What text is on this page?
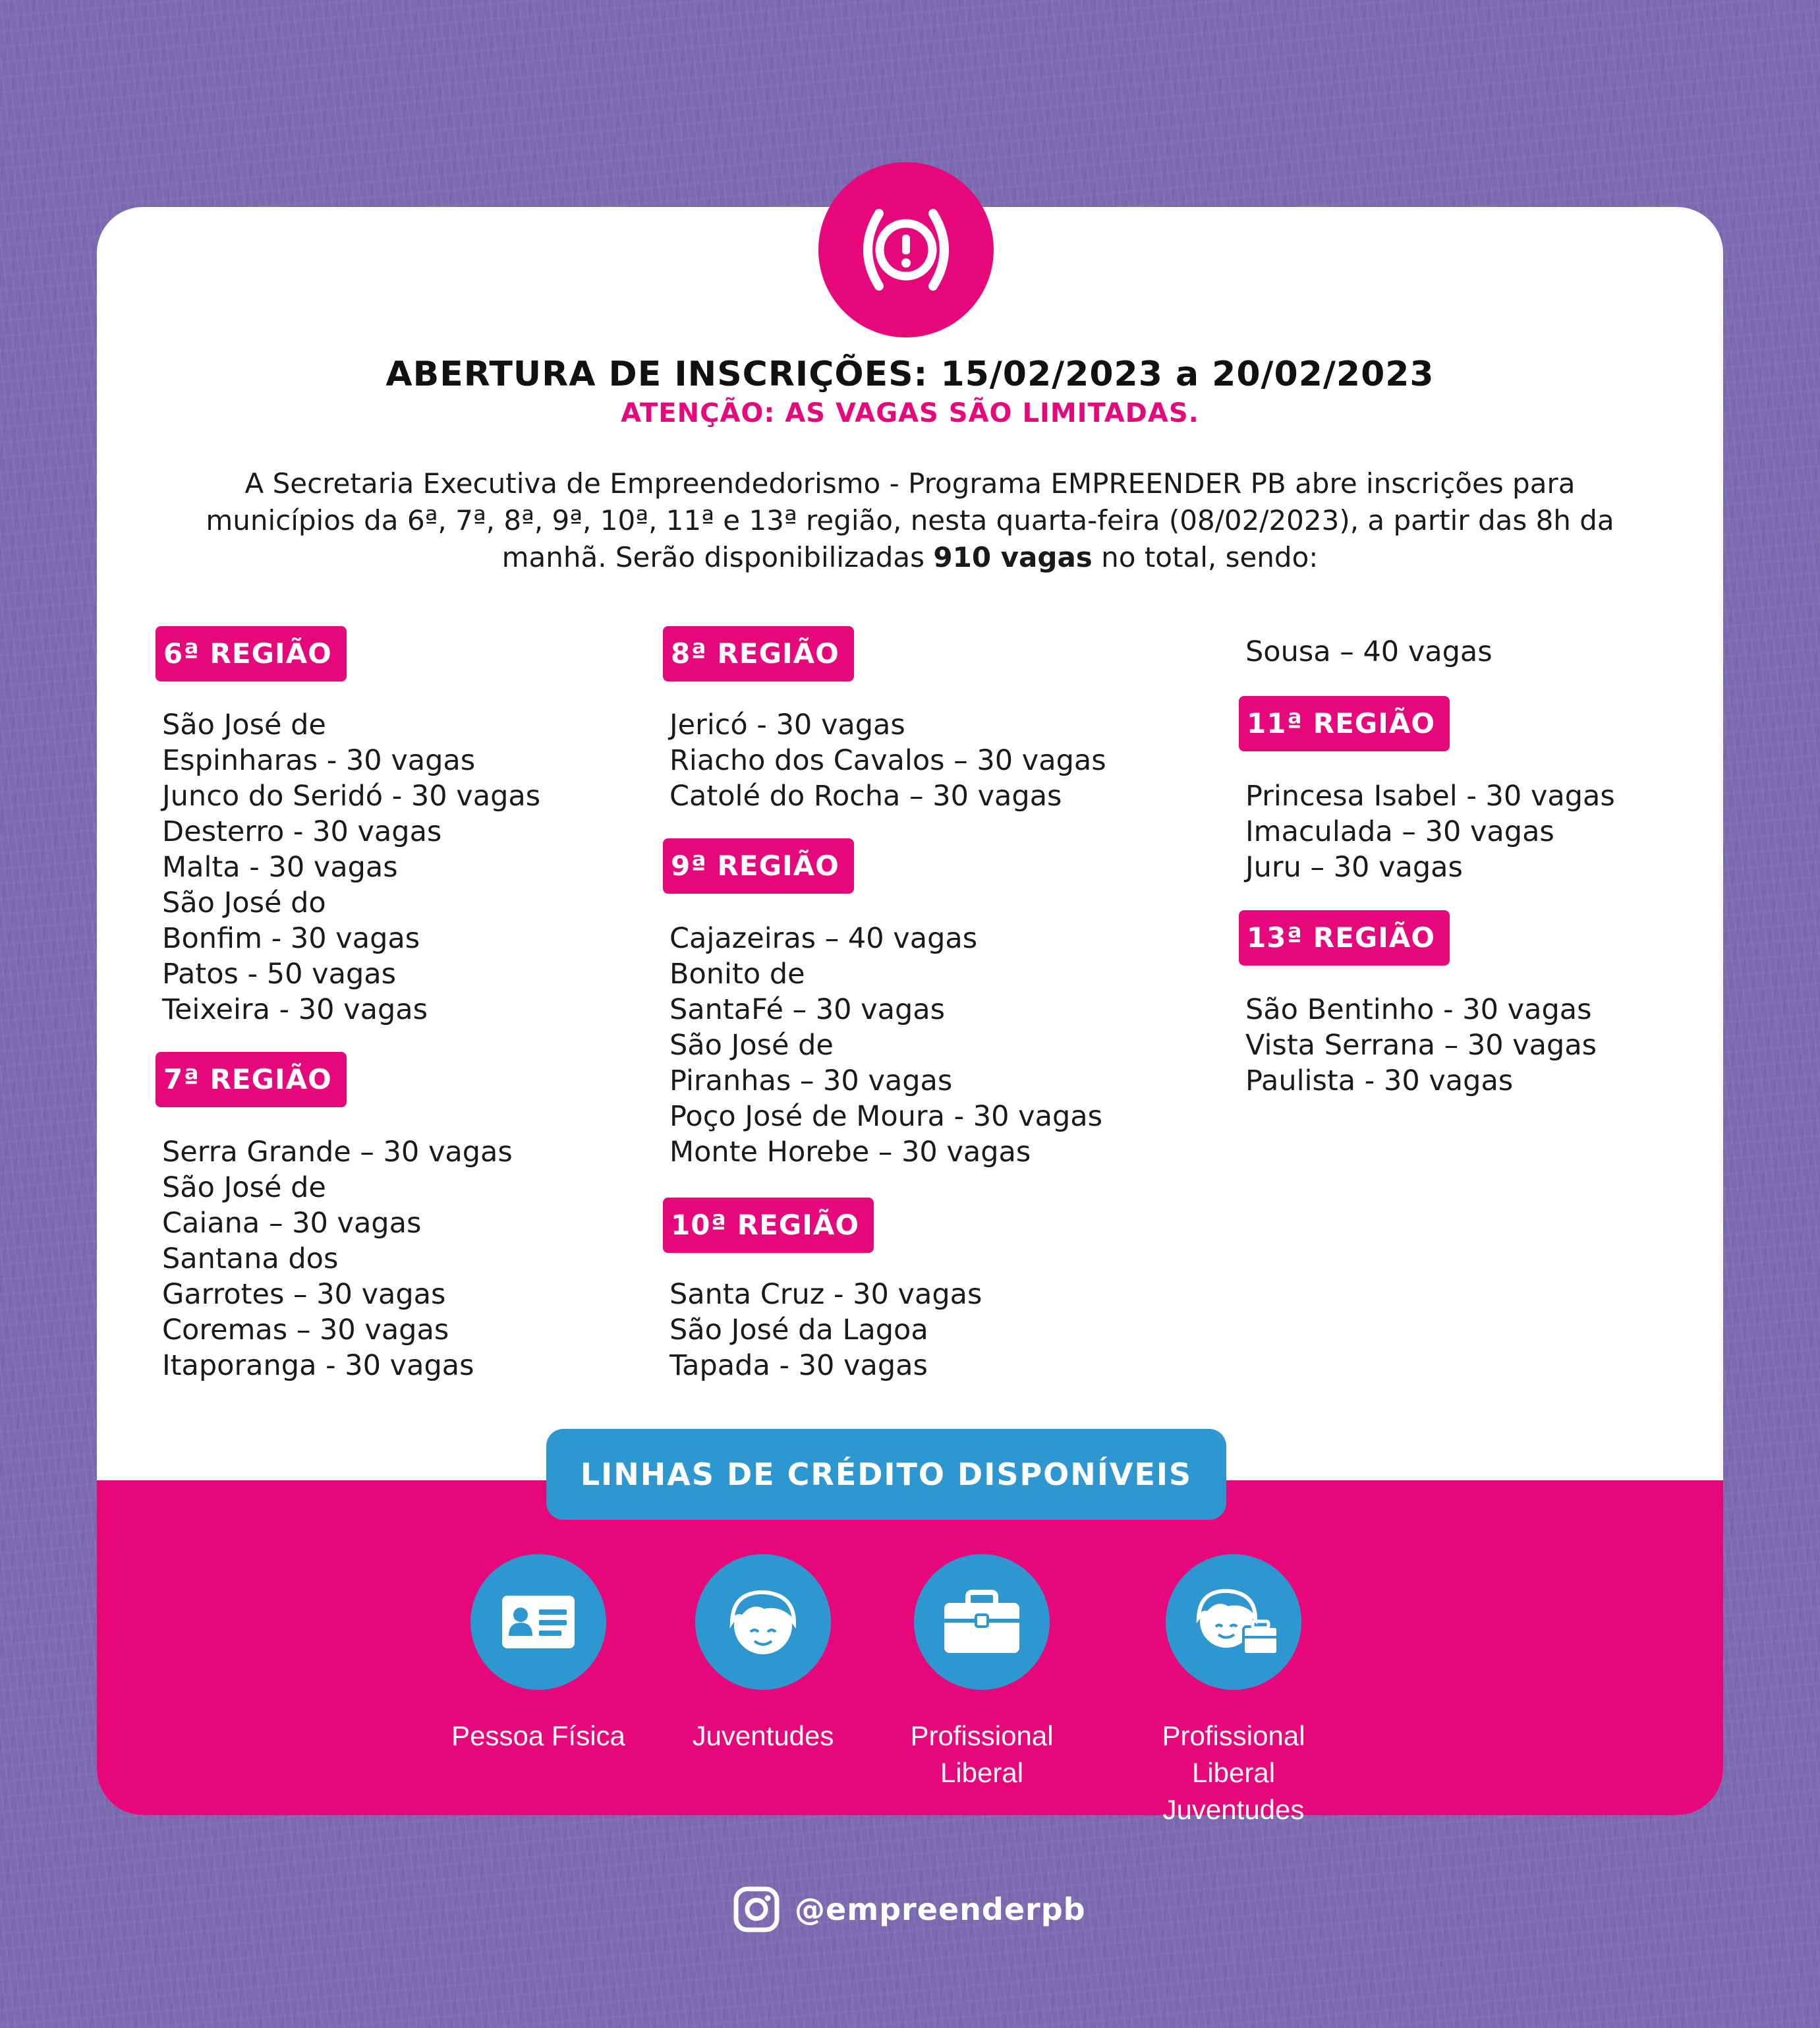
ABERTURA DE INSCRIÇÕES: 15/02/2023 a 20/02/2023
ATENÇÃO: AS VAGAS SÃO LIMITADAS.
A Secretaria Executiva de Empreendedorismo - Programa EMPREENDER PB abre inscrições para municípios da 6ª, 7ª, 8ª, 9ª, 10ª, 11ª e 13ª região, nesta quarta-feira (08/02/2023), a partir das 8h da manhã. Serão disponibilizadas 910 vagas no total, sendo:
6ª REGIÃO
São José de
Espinharas - 30 vagas
Junco do Seridó - 30 vagas
Desterro - 30 vagas
Malta - 30 vagas
São José do
Bonfim - 30 vagas
Patos - 50 vagas
Teixeira - 30 vagas
7ª REGIÃO
Serra Grande – 30 vagas
São José de
Caiana – 30 vagas
Santana dos
Garrotes – 30 vagas
Coremas – 30 vagas
Itaporanga - 30 vagas
8ª REGIÃO
Jericó - 30 vagas
Riacho dos Cavalos – 30 vagas
Catolé do Rocha – 30 vagas
9ª REGIÃO
Cajazeiras – 40 vagas
Bonito de
SantaFé – 30 vagas
São José de
Piranhas – 30 vagas
Poço José de Moura - 30 vagas
Monte Horebe – 30 vagas
10ª REGIÃO
Santa Cruz - 30 vagas
São José da Lagoa
Tapada - 30 vagas
Sousa – 40 vagas
11ª REGIÃO
Princesa Isabel - 30 vagas
Imaculada – 30 vagas
Juru – 30 vagas
13ª REGIÃO
São Bentinho - 30 vagas
Vista Serrana – 30 vagas
Paulista - 30 vagas
LINHAS DE CRÉDITO DISPONÍVEIS
Pessoa Física	Juventudes	Profissional
Liberal
Profissional Liberal
Juventudes
@empreenderpb
